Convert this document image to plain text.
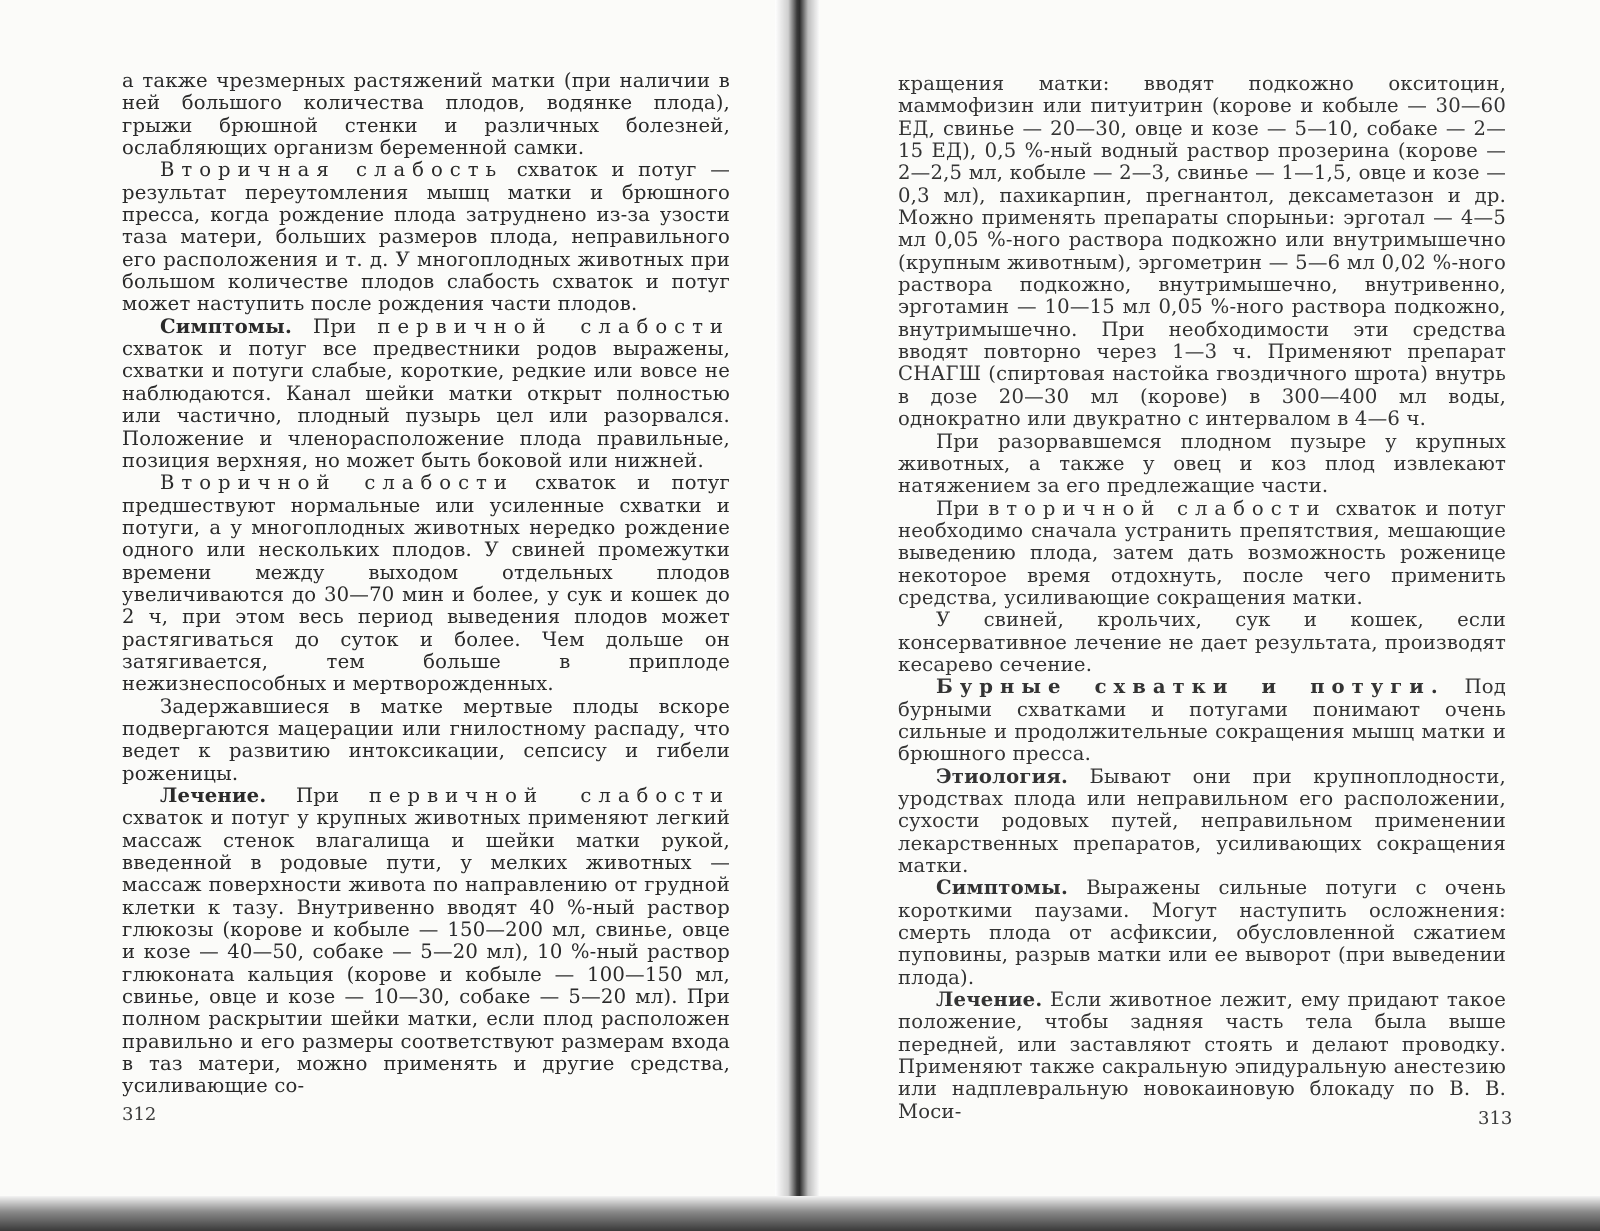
а также чрезмерных растяжений матки (при наличии в ней большого количества плодов, водянке плода), грыжи брюшной стенки и различных болезней, ослабляющих организм беременной самки.

Вторичная слабость схваток и потуг — результат переутомления мышц матки и брюшного пресса, когда рождение плода затруднено из-за узости таза матери, больших размеров плода, неправильного его расположения и т. д. У многоплодных животных при большом количестве плодов слабость схваток и потуг может наступить после рождения части плодов.

Симптомы. При первичной слабости схваток и потуг все предвестники родов выражены, схватки и потуги слабые, короткие, редкие или вовсе не наблюдаются. Канал шейки матки открыт полностью или частично, плодный пузырь цел или разорвался. Положение и членорасположение плода правильные, позиция верхняя, но может быть боковой или нижней.

Вторичной слабости схваток и потуг предшествуют нормальные или усиленные схватки и потуги, а у многоплодных животных нередко рождение одного или нескольких плодов. У свиней промежутки времени между выходом отдельных плодов увеличиваются до 30—70 мин и более, у сук и кошек до 2 ч, при этом весь период выведения плодов может растягиваться до суток и более. Чем дольше он затягивается, тем больше в приплоде нежизнеспособных и мертворожденных.

Задержавшиеся в матке мертвые плоды вскоре подвергаются мацерации или гнилостному распаду, что ведет к развитию интоксикации, сепсису и гибели роженицы.

Лечение. При первичной слабости схваток и потуг у крупных животных применяют легкий массаж стенок влагалища и шейки матки рукой, введенной в родовые пути, у мелких животных — массаж поверхности живота по направлению от грудной клетки к тазу. Внутривенно вводят 40 %-ный раствор глюкозы (корове и кобыле — 150—200 мл, свинье, овце и козе — 40—50, собаке — 5—20 мл), 10 %-ный раствор глюконата кальция (корове и кобыле — 100—150 мл, свинье, овце и козе — 10—30, собаке — 5—20 мл). При полном раскрытии шейки матки, если плод расположен правильно и его размеры соответствуют размерам входа в таз матери, можно применять и другие средства, усиливающие со-

312

кращения матки: вводят подкожно окситоцин, маммофизин или питуитрин (корове и кобыле — 30—60 ЕД, свинье — 20—30, овце и козе — 5—10, собаке — 2—15 ЕД), 0,5 %-ный водный раствор прозерина (корове — 2—2,5 мл, кобыле — 2—3, свинье — 1—1,5, овце и козе — 0,3 мл), пахикарпин, прегнантол, дексаметазон и др. Можно применять препараты спорыньи: эрготал — 4—5 мл 0,05 %-ного раствора подкожно или внутримышечно (крупным животным), эргометрин — 5—6 мл 0,02 %-ного раствора подкожно, внутримышечно, внутривенно, эрготамин — 10—15 мл 0,05 %-ного раствора подкожно, внутримышечно. При необходимости эти средства вводят повторно через 1—3 ч. Применяют препарат СНАГШ (спиртовая настойка гвоздичного шрота) внутрь в дозе 20—30 мл (корове) в 300—400 мл воды, однократно или двукратно с интервалом в 4—6 ч.

При разорвавшемся плодном пузыре у крупных животных, а также у овец и коз плод извлекают натяжением за его предлежащие части.

При вторичной слабости схваток и потуг необходимо сначала устранить препятствия, мешающие выведению плода, затем дать возможность роженице некоторое время отдохнуть, после чего применить средства, усиливающие сокращения матки.

У свиней, крольчих, сук и кошек, если консервативное лечение не дает результата, производят кесарево сечение.

Бурные схватки и потуги. Под бурными схватками и потугами понимают очень сильные и продолжительные сокращения мышц матки и брюшного пресса.

Этиология. Бывают они при крупноплодности, уродствах плода или неправильном его расположении, сухости родовых путей, неправильном применении лекарственных препаратов, усиливающих сокращения матки.

Симптомы. Выражены сильные потуги с очень короткими паузами. Могут наступить осложнения: смерть плода от асфиксии, обусловленной сжатием пуповины, разрыв матки или ее выворот (при выведении плода).

Лечение. Если животное лежит, ему придают такое положение, чтобы задняя часть тела была выше передней, или заставляют стоять и делают проводку. Применяют также сакральную эпидуральную анестезию или надплевральную новокаиновую блокаду по В. В. Моси-	313
